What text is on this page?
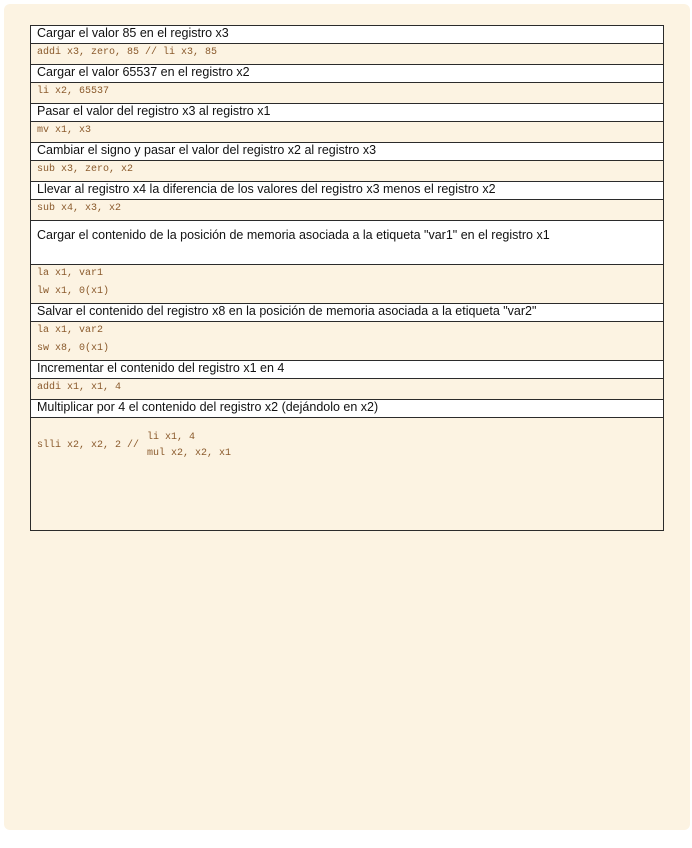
Cargar el valor 85 en el registro x3

addi x3, zero, 85 // li x3, 85

Cargar el valor 65537 en el registro x2

li x2, 65537

Pasar el valor del registro x3 al registro x1

mv x1, x3

Cambiar el signo y pasar el valor del registro x2 al registro x3

sub x3, zero, x2

Llevar al registro x4 la diferencia de los valores del registro x3 menos el registro x2

sub x4, x3, x2

Cargar el contenido de la posición de memoria asociada a la etiqueta "var1" en el registro x1

la x1, var1
lw x1, 0(x1)

Salvar el contenido del registro x8 en la posición de memoria asociada a la etiqueta "var2"

la x1, var2
sw x8, 0(x1)

Incrementar el contenido del registro x1 en 4

addi x1, x1, 4

Multiplicar por 4 el contenido del registro x2 (dejándolo en x2)

slli x2, x2, 2 //
li x1, 4
mul x2, x2, x1
